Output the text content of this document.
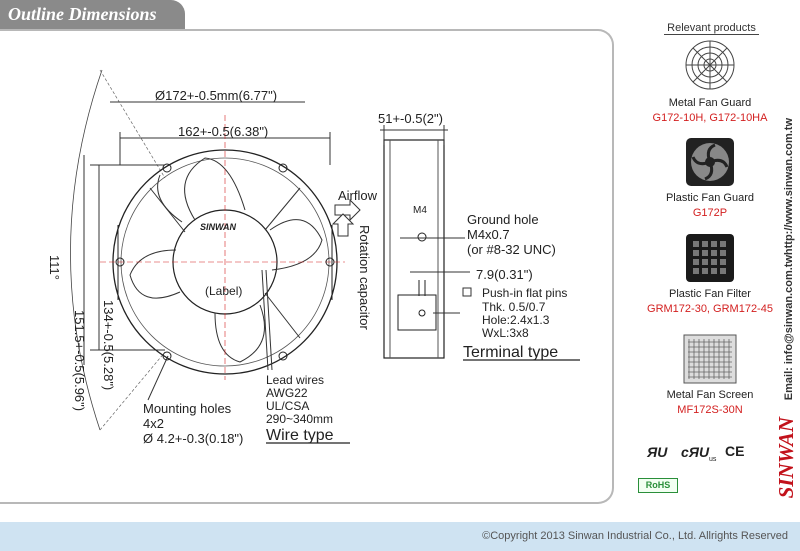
Outline Dimensions
Ø172+-0.5mm(6.77")
162+-0.5(6.38")
134+-0.5(5.28")
151.5+-0.5(5.96")
111°
SINWAN
(Label)
Airflow
Rotation capacitor
51+-0.5(2")
M4
Ground hole
M4x0.7
(or #8-32 UNC)
7.9(0.31")
Push-in flat pins
Thk. 0.5/0.7
Hole:2.4x1.3
WxL:3x8
Terminal type
Lead wires
AWG22
UL/CSA
290~340mm
Wire type
Mounting holes
4x2
Ø 4.2+-0.3(0.18")
Relevant products
Metal Fan Guard
G172-10H, G172-10HA
Plastic Fan Guard
G172P
Plastic Fan Filter
GRM172-30, GRM172-45
Metal Fan Screen
MF172S-30N
ЯU cЯU us
CE
RoHS
http://www.sinwan.com.tw
Email: info@sinwan.com.tw
SINWAN
©Copyright 2013 Sinwan Industrial Co., Ltd. Allrights Reserved
